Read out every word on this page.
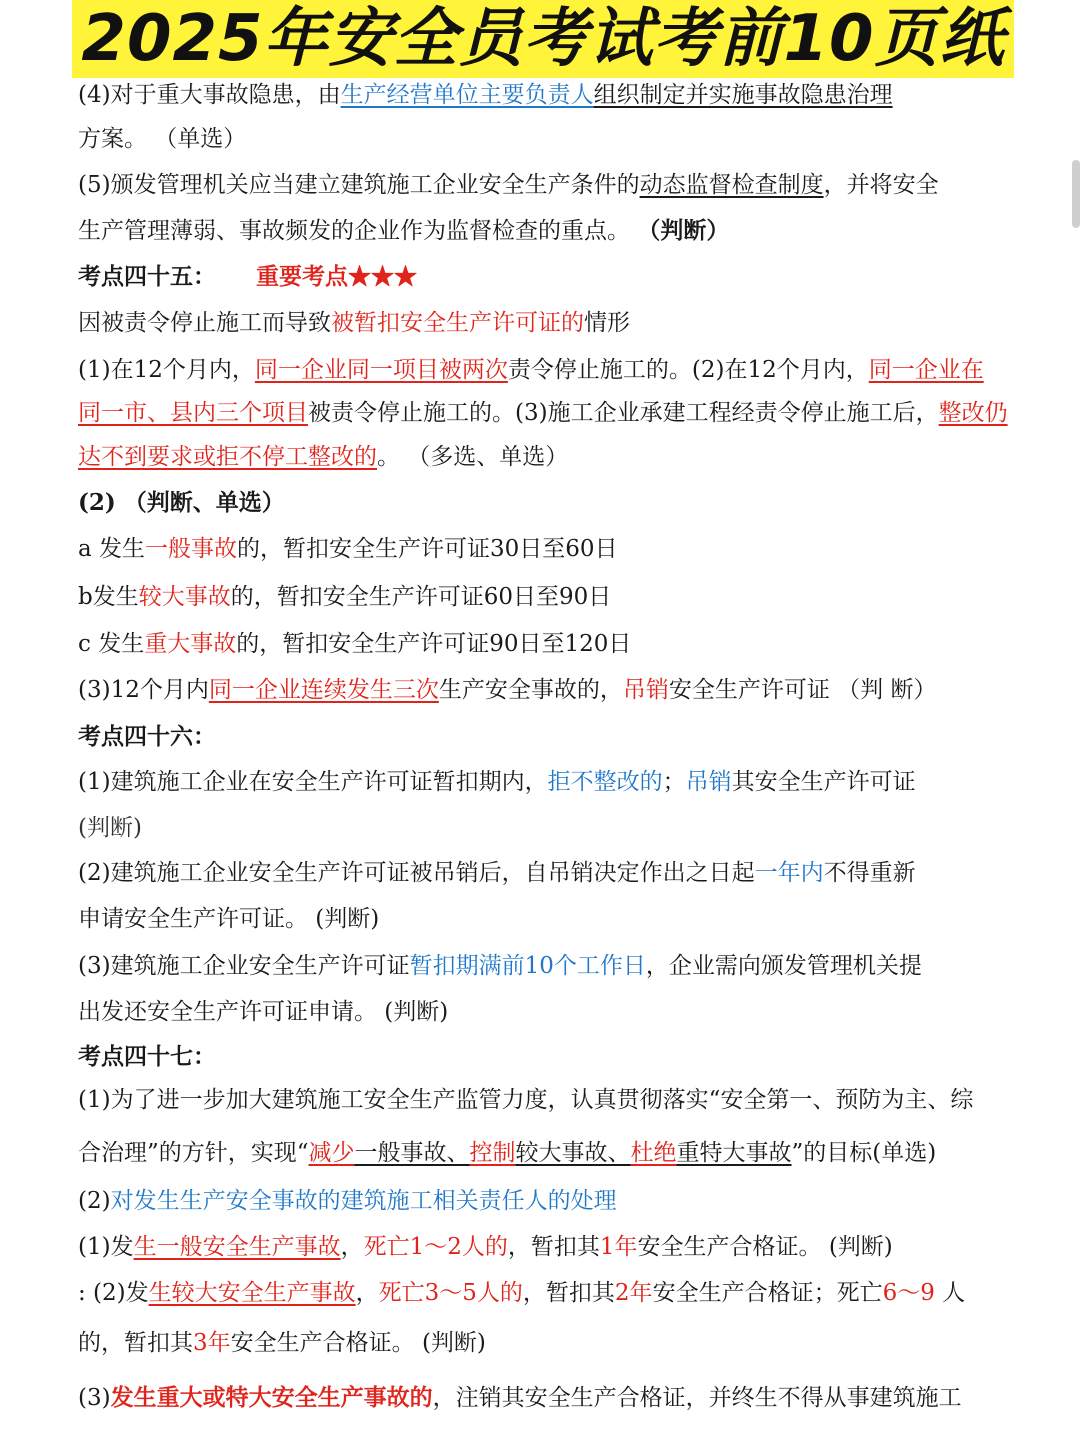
2025年安全员考试考前10页纸
(4)对于重大事故隐患，由生产经营单位主要负责人组织制定并实施事故隐患治理
方案。 （单选）
(5)颁发管理机关应当建立建筑施工企业安全生产条件的动态监督检查制度，并将安全
生产管理薄弱、事故频发的企业作为监督检查的重点。 （判断）
考点四十五： 重要考点★★★
因被责令停止施工而导致被暂扣安全生产许可证的情形
(1)在12个月内，同一企业同一项目被两次责令停止施工的。(2)在12个月内，同一企业在
同一市、县内三个项目被责令停止施工的。(3)施工企业承建工程经责令停止施工后，整改仍
达不到要求或拒不停工整改的。 （多选、单选）
(2) （判断、单选）
a 发生一般事故的，暂扣安全生产许可证30日至60日
b发生较大事故的，暂扣安全生产许可证60日至90日
c 发生重大事故的，暂扣安全生产许可证90日至120日
(3)12个月内同一企业连续发生三次生产安全事故的，吊销安全生产许可证 （判 断）
考点四十六：
(1)建筑施工企业在安全生产许可证暂扣期内，拒不整改的；吊销其安全生产许可证
(判断)
(2)建筑施工企业安全生产许可证被吊销后，自吊销决定作出之日起一年内不得重新
申请安全生产许可证。 (判断)
(3)建筑施工企业安全生产许可证暂扣期满前10个工作日，企业需向颁发管理机关提
出发还安全生产许可证申请。 (判断)
考点四十七：
(1)为了进一步加大建筑施工安全生产监管力度，认真贯彻落实“安全第一、预防为主、综
合治理”的方针，实现“减少一般事故、控制较大事故、杜绝重特大事故”的目标(单选)
(2)对发生生产安全事故的建筑施工相关责任人的处理
(1)发生一般安全生产事故，死亡1～2人的，暂扣其1年安全生产合格证。 (判断)
: (2)发生较大安全生产事故，死亡3～5人的，暂扣其2年安全生产合格证；死亡6～9 人
的，暂扣其3年安全生产合格证。 (判断)
(3)发生重大或特大安全生产事故的，注销其安全生产合格证，并终生不得从事建筑施工
